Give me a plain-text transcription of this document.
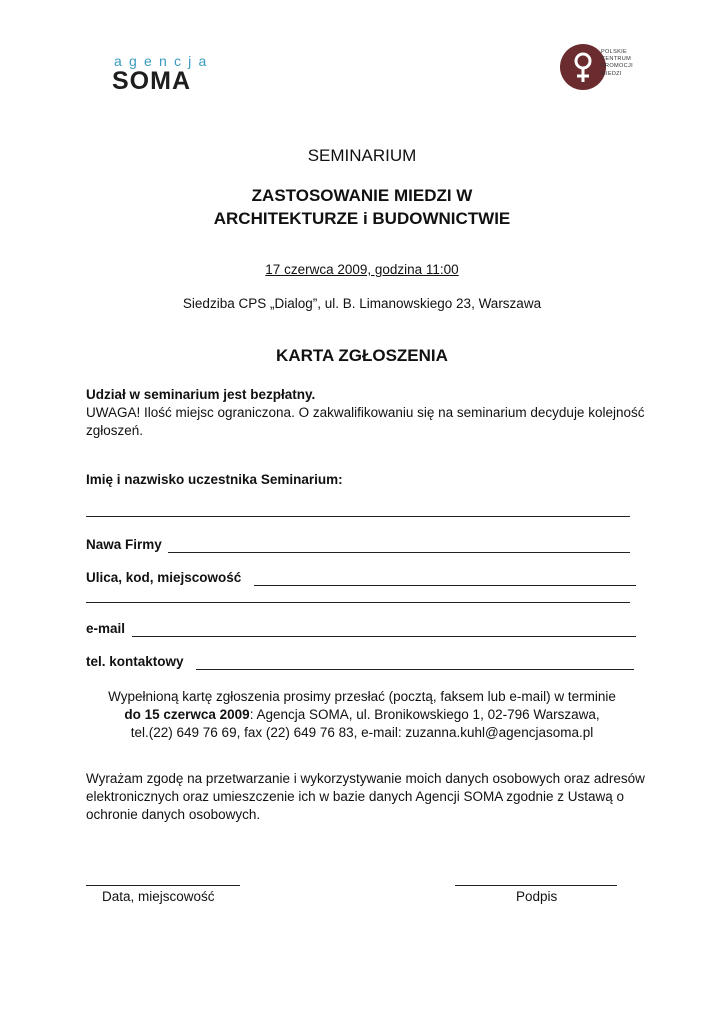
agencja
SOMA
POLSKIE
CENTRUM
PROMOCJI
MIEDZI
SEMINARIUM
ZASTOSOWANIE MIEDZI W
ARCHITEKTURZE i BUDOWNICTWIE
17 czerwca 2009, godzina 11:00
Siedziba CPS „Dialog”, ul. B. Limanowskiego 23, Warszawa
KARTA ZGŁOSZENIA
Udział w seminarium jest bezpłatny.
UWAGA! Ilość miejsc ograniczona. O zakwalifikowaniu się na seminarium decyduje kolejność zgłoszeń.
Imię i nazwisko uczestnika Seminarium:
Nawa Firmy
Ulica, kod, miejscowość
e-mail
tel. kontaktowy
Wypełnioną kartę zgłoszenia prosimy przesłać (pocztą, faksem lub e-mail) w terminie
do 15 czerwca 2009: Agencja SOMA, ul. Bronikowskiego 1, 02-796 Warszawa,
tel.(22) 649 76 69, fax (22) 649 76 83, e-mail: zuzanna.kuhl@agencjasoma.pl
Wyrażam zgodę na przetwarzanie i wykorzystywanie moich danych osobowych oraz adresów elektronicznych oraz umieszczenie ich w bazie danych Agencji SOMA zgodnie z Ustawą o ochronie danych osobowych.
Data, miejscowość	Podpis
